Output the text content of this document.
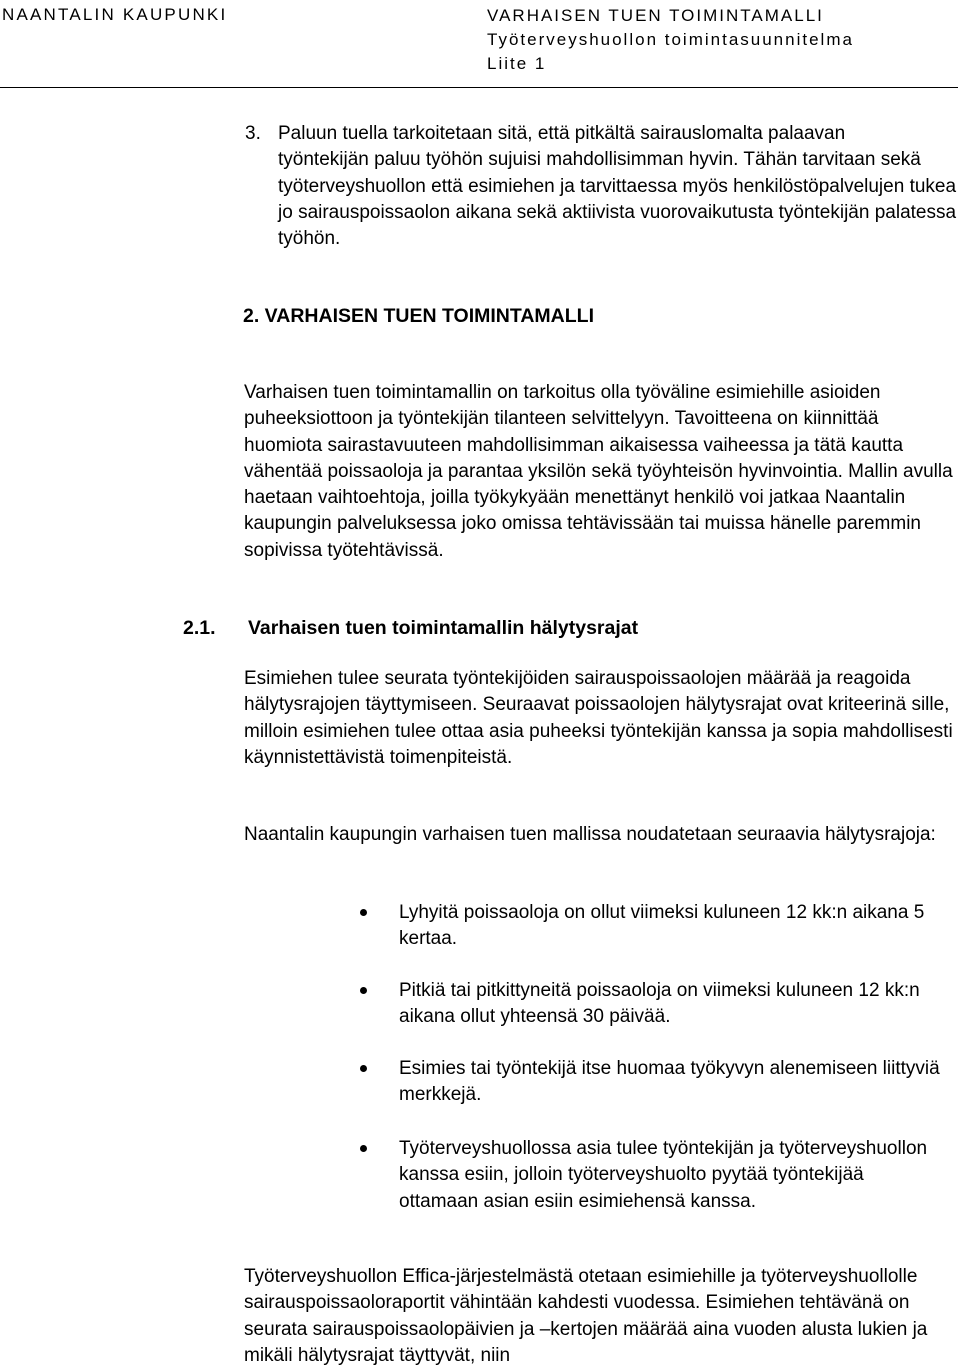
NAANTALIN KAUPUNKI	VARHAISEN TUEN TOIMINTAMALLI
Työterveyshuollon toimintasuunnitelma
Liite 1

3. Paluun tuella tarkoitetaan sitä, että pitkältä sairauslomalta palaavan
työntekijän paluu työhön sujuisi mahdollisimman hyvin. Tähän tarvitaan sekä työterveyshuollon että esimiehen ja tarvittaessa myös henkilöstöpalvelujen tukea jo sairauspoissaolon aikana sekä aktiivista vuorovaikutusta työntekijän palatessa työhön.

2. VARHAISEN TUEN TOIMINTAMALLI

Varhaisen tuen toimintamallin on tarkoitus olla työväline esimiehille asioiden puheeksiottoon ja työntekijän tilanteen selvittelyyn. Tavoitteena on kiinnittää huomiota sairastavuuteen mahdollisimman aikaisessa vaiheessa ja tätä kautta vähentää poissaoloja ja parantaa yksilön sekä työyhteisön hyvinvointia. Mallin avulla haetaan vaihtoehtoja, joilla työkykyään menettänyt henkilö voi jatkaa Naantalin kaupungin palveluksessa joko omissa tehtävissään tai muissa hänelle paremmin sopivissa työtehtävissä.

2.1. Varhaisen tuen toimintamallin hälytysrajat

Esimiehen tulee seurata työntekijöiden sairauspoissaolojen määrää ja reagoida hälytysrajojen täyttymiseen. Seuraavat poissaolojen hälytysrajat ovat kriteerinä sille, milloin esimiehen tulee ottaa asia puheeksi työntekijän kanssa ja sopia mahdollisesti käynnistettävistä toimenpiteistä.

Naantalin kaupungin varhaisen tuen mallissa noudatetaan seuraavia hälytysrajoja:

Lyhyitä poissaoloja on ollut viimeksi kuluneen 12 kk:n aikana 5 kertaa.
Pitkiä tai pitkittyneitä poissaoloja on viimeksi kuluneen 12 kk:n aikana ollut yhteensä 30 päivää.
Esimies tai työntekijä itse huomaa työkyvyn alenemiseen liittyviä merkkejä.
Työterveyshuollossa asia tulee työntekijän ja työterveyshuollon kanssa esiin, jolloin työterveyshuolto pyytää työntekijää ottamaan asian esiin esimiehensä kanssa.

Työterveyshuollon Effica-järjestelmästä otetaan esimiehille ja työterveyshuollolle sairauspoissaoloraportit vähintään kahdesti vuodessa. Esimiehen tehtävänä on seurata sairauspoissaolopäivien ja –kertojen määrää aina vuoden alusta lukien ja mikäli hälytysrajat täyttyvät, niin
